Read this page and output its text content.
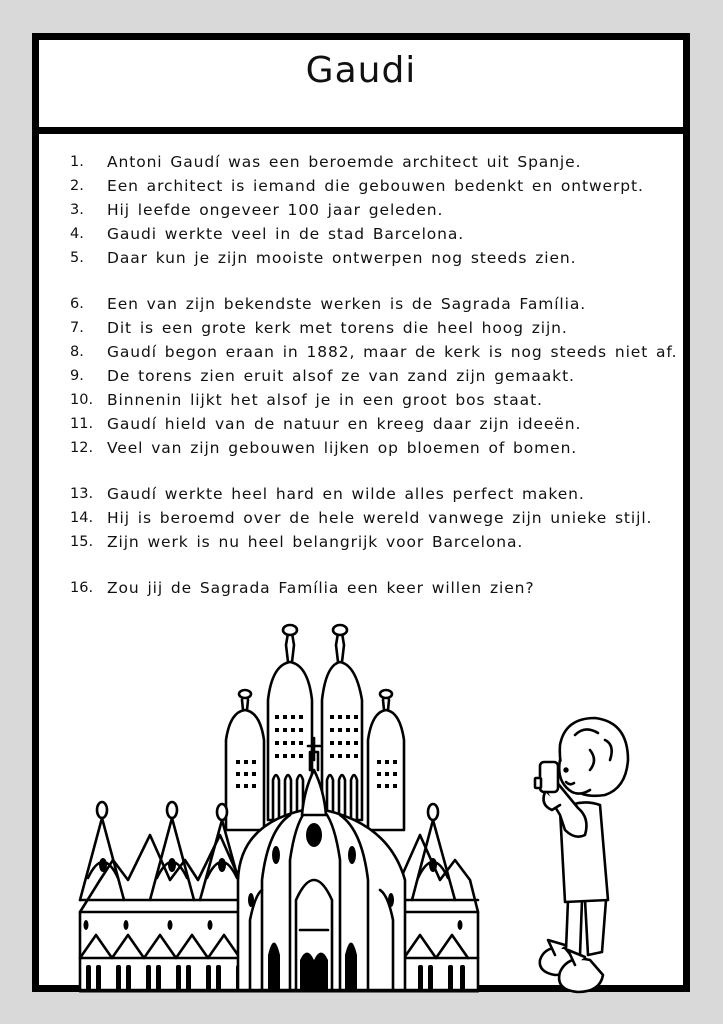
Gaudi
1.	Antoni Gaudí was een beroemde architect uit Spanje.
2.	Een architect is iemand die gebouwen bedenkt en ontwerpt.
3.	Hij leefde ongeveer 100 jaar geleden.
4.	Gaudi werkte veel in de stad Barcelona.
5.	Daar kun je zijn mooiste ontwerpen nog steeds zien.
6.	Een van zijn bekendste werken is de Sagrada Família.
7.	Dit is een grote kerk met torens die heel hoog zijn.
8.	Gaudí begon eraan in 1882, maar de kerk is nog steeds niet af.
9.	De torens zien eruit alsof ze van zand zijn gemaakt.
10. Binnenin lijkt het alsof je in een groot bos staat.
11. Gaudí hield van de natuur en kreeg daar zijn ideeën.
12. Veel van zijn gebouwen lijken op bloemen of bomen.
13. Gaudí werkte heel hard en wilde alles perfect maken.
14. Hij is beroemd over de hele wereld vanwege zijn unieke stijl.
15. Zijn werk is nu heel belangrijk voor Barcelona.
16. Zou jij de Sagrada Família een keer willen zien?
